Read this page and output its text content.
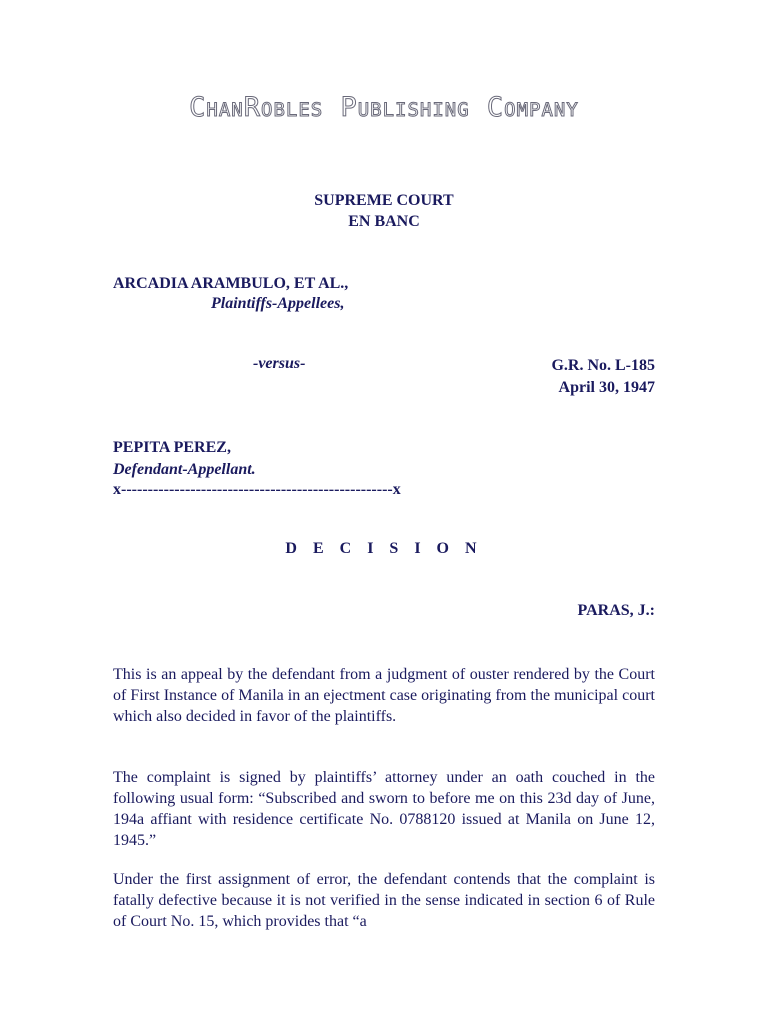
ChanRobles Publishing Company
SUPREME COURT
EN BANC
ARCADIA ARAMBULO, ET AL.,
Plaintiffs-Appellees,
-versus-	G.R. No. L-185
April 30, 1947
PEPITA PEREZ,
Defendant-Appellant.
x---------------------------------------------------x
D E C I S I O N
PARAS, J.:
This is an appeal by the defendant from a judgment of ouster rendered by the Court of First Instance of Manila in an ejectment case originating from the municipal court which also decided in favor of the plaintiffs.
The complaint is signed by plaintiffs’ attorney under an oath couched in the following usual form: “Subscribed and sworn to before me on this 23d day of June, 194a affiant with residence certificate No. 0788120 issued at Manila on June 12, 1945.”
Under the first assignment of error, the defendant contends that the complaint is fatally defective because it is not verified in the sense indicated in section 6 of Rule of Court No. 15, which provides that “a
